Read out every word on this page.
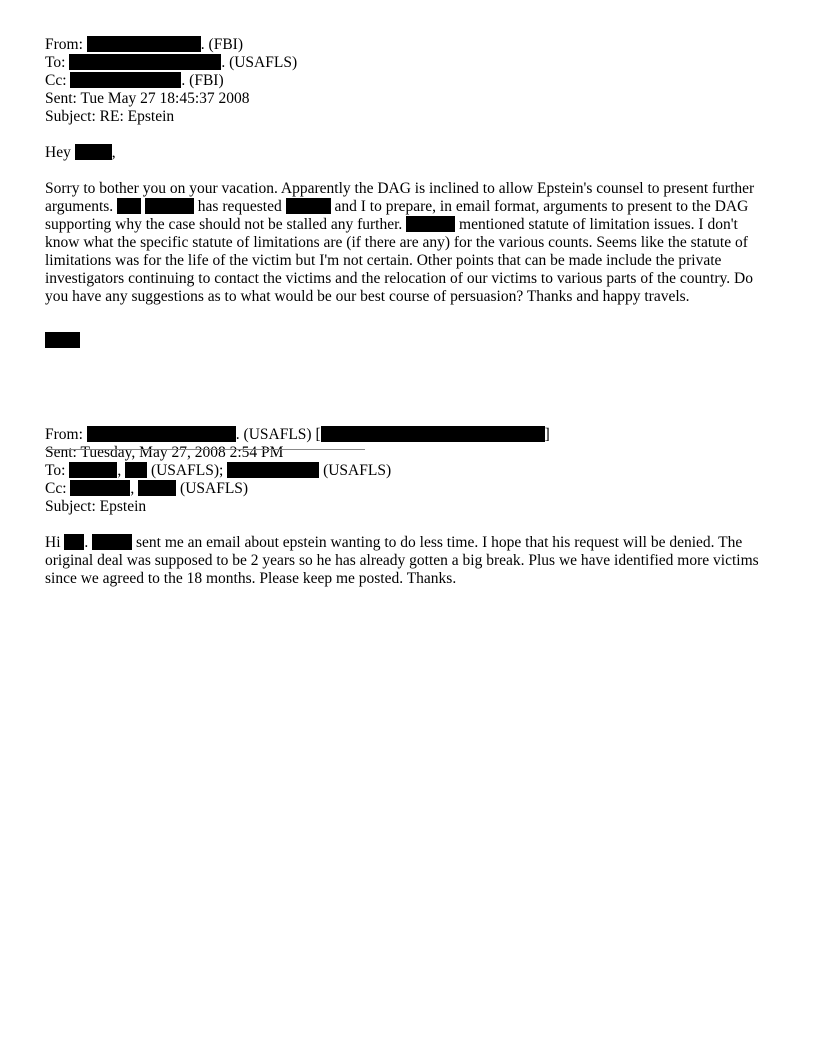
From:	. (FBI)
To:	. (USAFLS)
Cc:	. (FBI)
Sent: Tue May 27 18:45:37 2008
Subject: RE: Epstein
Hey	,
Sorry to bother you on your vacation. Apparently the DAG is inclined to allow Epstein's counsel to present further arguments.	has requested	and I to prepare, in email format, arguments to present to the DAG supporting why the case should not be stalled any further.	mentioned statute of limitation issues. I don't know what the specific statute of limitations are (if there are any) for the various counts. Seems like the statute of limitations was for the life of the victim but I'm not certain. Other points that can be made include the private investigators continuing to contact the victims and the relocation of our victims to various parts of the country. Do you have any suggestions as to what would be our best course of persuasion? Thanks and happy travels.
From:	. (USAFLS) [	]
Sent: Tuesday, May 27, 2008 2:54 PM
To:	, (USAFLS);	(USAFLS)
Cc:	,	(USAFLS)
Subject: Epstein
Hi .	sent me an email about epstein wanting to do less time. I hope that his request will be denied. The original deal was supposed to be 2 years so he has already gotten a big break. Plus we have identified more victims since we agreed to the 18 months. Please keep me posted. Thanks.
